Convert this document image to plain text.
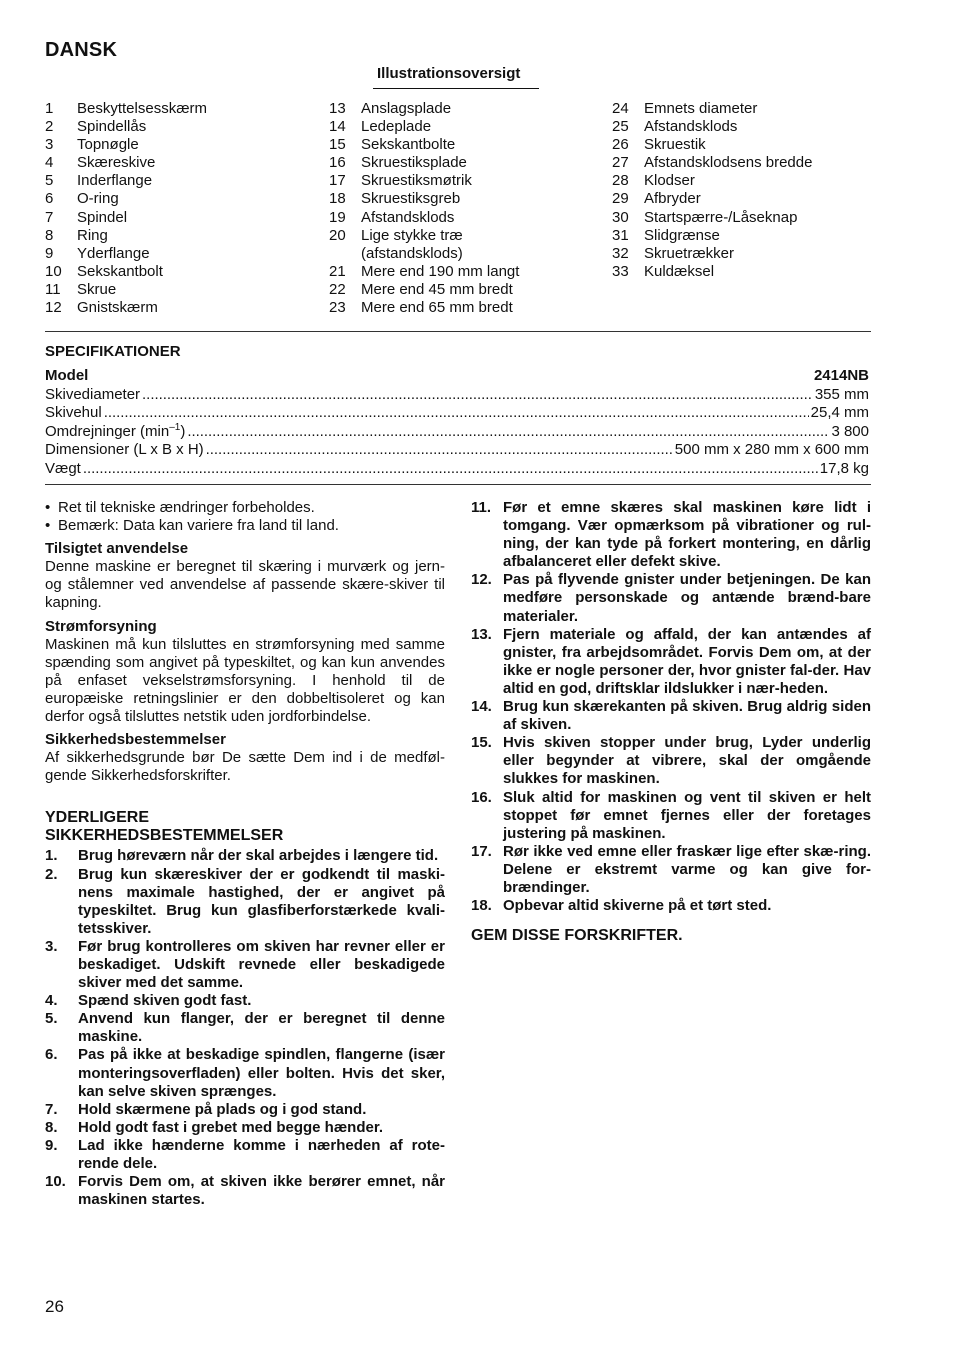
DANSK
Illustrationsoversigt
1	Beskyttelsesskærm
2	Spindellås
3	Topnøgle
4	Skæreskive
5	Inderflange
6	O-ring
7	Spindel
8	Ring
9	Yderflange
10	Sekskantbolt
11	Skrue
12	Gnistskærm
13	Anslagsplade
14	Ledeplade
15	Sekskantbolte
16	Skruestiksplade
17	Skruestiksmøtrik
18	Skruestiksgreb
19	Afstandsklods
20	Lige stykke træ
(afstandsklods)
21	Mere end 190 mm langt
22	Mere end 45 mm bredt
23	Mere end 65 mm bredt
24	Emnets diameter
25	Afstandsklods
26	Skruestik
27	Afstandsklodsens bredde
28	Klodser
29	Afbryder
30	Startspærre-/Låseknap
31	Slidgrænse
32	Skruetrækker
33	Kuldæksel
SPECIFIKATIONER
Model	2414NB
Skivediameter . . .	355 mm
Skivehul . . .	25,4 mm
Omdrejninger $(\min^{-1})$ . . .	3 800
Dimensioner (L x B x H) . . .	500 mm x 280 mm x 600 mm
Vægt . . .	17,8 kg
• Ret til tekniske ændringer forbeholdes.
• Bemærk: Data kan variere fra land til land.
Tilsigtet anvendelse
Denne maskine er beregnet til skæring i murværk og jern- og stålemner ved anvendelse af passende skære-skiver til kapning.
Strømforsyning
Maskinen må kun tilsluttes en strømforsyning med samme spænding som angivet på typeskiltet, og kan kun anvendes på enfaset vekselstrømsforsyning. I henhold til de europæiske retningslinier er den dobbeltisoleret og kan derfor også tilsluttes netstik uden jordforbindelse.
Sikkerhedsbestemmelser
Af sikkerhedsgrunde bør De sætte Dem ind i de medføl-gende Sikkerhedsforskrifter.
YDERLIGERE
SIKKERHEDSBESTEMMELSER
1.	Brug høreværn når der skal arbejdes i længere tid.
2.	Brug kun skæreskiver der er godkendt til maski-nens maximale hastighed, der er angivet på typeskiltet. Brug kun glasfiberforstærkede kvali-tetsskiver.
3.	Før brug kontrolleres om skiven har revner eller er beskadiget. Udskift revnede eller beskadigede skiver med det samme.
4.	Spænd skiven godt fast.
5.	Anvend kun flanger, der er beregnet til denne maskine.
6.	Pas på ikke at beskadige spindlen, flangerne (især monteringsoverfladen) eller bolten. Hvis det sker, kan selve skiven sprænges.
7.	Hold skærmene på plads og i god stand.
8.	Hold godt fast i grebet med begge hænder.
9.	Lad ikke hænderne komme i nærheden af rote-rende dele.
10. Forvis Dem om, at skiven ikke berører emnet, når maskinen startes.
11. Før et emne skæres skal maskinen køre lidt i tomgang. Vær opmærksom på vibrationer og rul-ning, der kan tyde på forkert montering, en dårlig afbalanceret eller defekt skive.
12. Pas på flyvende gnister under betjeningen. De kan medføre personskade og antænde brænd-bare materialer.
13. Fjern materiale og affald, der kan antændes af gnister, fra arbejdsområdet. Forvis Dem om, at der ikke er nogle personer der, hvor gnister fal-der. Hav altid en god, driftsklar ildslukker i nær-heden.
14. Brug kun skærekanten på skiven. Brug aldrig siden af skiven.
15. Hvis skiven stopper under brug, Lyder underlig eller begynder at vibrere, skal der omgående slukkes for maskinen.
16. Sluk altid for maskinen og vent til skiven er helt stoppet før emnet fjernes eller der foretages justering på maskinen.
17. Rør ikke ved emne eller fraskær lige efter skæ-ring. Delene er ekstremt varme og kan give for-brændinger.
18. Opbevar altid skiverne på et tørt sted.
GEM DISSE FORSKRIFTER.
26
